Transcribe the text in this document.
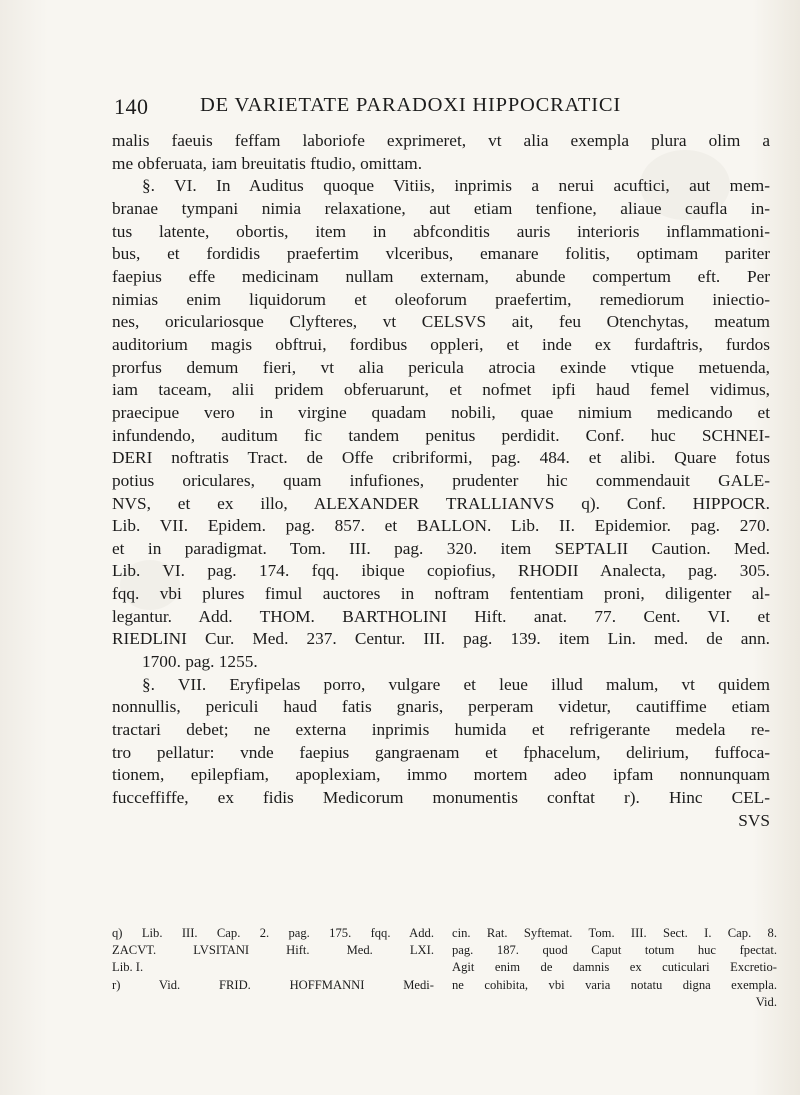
140	DE VARIETATE PARADOXI HIPPOCRATICI
malis faeuis feffam laboriofe exprimeret, vt alia exempla plura olim a
me obferuata, iam breuitatis ftudio, omittam.
§. VI. In Auditus quoque Vitiis, inprimis a nerui acuftici, aut mem-
branae tympani nimia relaxatione, aut etiam tenfione, aliaue caufla in-
tus latente, obortis, item in abfconditis auris interioris inflammationi-
bus, et fordidis praefertim vlceribus, emanare folitis, optimam pariter
faepius effe medicinam nullam externam, abunde compertum eft. Per
nimias enim liquidorum et oleoforum praefertim, remediorum iniectio-
nes, oriculariosque Clyfteres, vt CELSVS ait, feu Otenchytas, meatum
auditorium magis obftrui, fordibus oppleri, et inde ex furdaftris, furdos
prorfus demum fieri, vt alia pericula atrocia exinde vtique metuenda,
iam taceam, alii pridem obferuarunt, et nofmet ipfi haud femel vidimus,
praecipue vero in virgine quadam nobili, quae nimium medicando et
infundendo, auditum fic tandem penitus perdidit. Conf. huc SCHNEI-
DERI noftratis Tract. de Offe cribriformi, pag. 484. et alibi. Quare fotus
potius oriculares, quam infufiones, prudenter hic commendauit GALE-
NVS, et ex illo, ALEXANDER TRALLIANVS q). Conf. HIPPOCR.
Lib. VII. Epidem. pag. 857. et BALLON. Lib. II. Epidemior. pag. 270.
et in paradigmat. Tom. III. pag. 320. item SEPTALII Caution. Med.
Lib. VI. pag. 174. fqq. ibique copiofius, RHODII Analecta, pag. 305.
fqq. vbi plures fimul auctores in noftram fententiam proni, diligenter al-
legantur. Add. THOM. BARTHOLINI Hift. anat. 77. Cent. VI. et
RIEDLINI Cur. Med. 237. Centur. III. pag. 139. item Lin. med. de ann.
1700. pag. 1255.
§. VII. Eryfipelas porro, vulgare et leue illud malum, vt quidem
nonnullis, periculi haud fatis gnaris, perperam videtur, cautiffime etiam
tractari debet; ne externa inprimis humida et refrigerante medela re-
tro pellatur: vnde faepius gangraenam et fphacelum, delirium, fuffoca-
tionem, epilepfiam, apoplexiam, immo mortem adeo ipfam nonnunquam
fucceffiffe, ex fidis Medicorum monumentis conftat r). Hinc CEL-
SVS
q) Lib. III. Cap. 2. pag. 175. fqq. Add.
ZACVT. LVSITANI Hift. Med. LXI.
Lib. I.
r) Vid. FRID. HOFFMANNI Medi-
cin. Rat. Syftemat. Tom. III. Sect. I. Cap. 8.
pag. 187. quod Caput totum huc fpectat.
Agit enim de damnis ex cuticulari Excretio-
ne cohibita, vbi varia notatu digna exempla.
Vid.
